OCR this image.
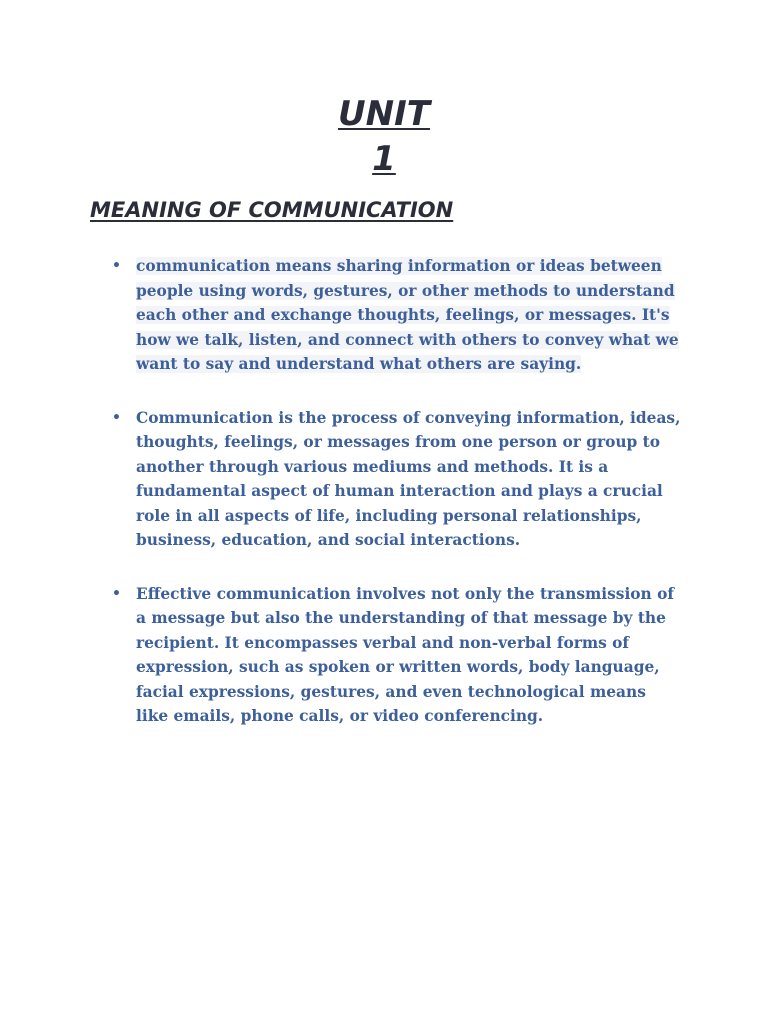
UNIT
1
MEANING OF COMMUNICATION
• communication means sharing information or ideas between people using words, gestures, or other methods to understand each other and exchange thoughts, feelings, or messages. It's how we talk, listen, and connect with others to convey what we want to say and understand what others are saying.
• Communication is the process of conveying information, ideas, thoughts, feelings, or messages from one person or group to another through various mediums and methods. It is a fundamental aspect of human interaction and plays a crucial role in all aspects of life, including personal relationships, business, education, and social interactions.
• Effective communication involves not only the transmission of a message but also the understanding of that message by the recipient. It encompasses verbal and non-verbal forms of expression, such as spoken or written words, body language, facial expressions, gestures, and even technological means like emails, phone calls, or video conferencing.
